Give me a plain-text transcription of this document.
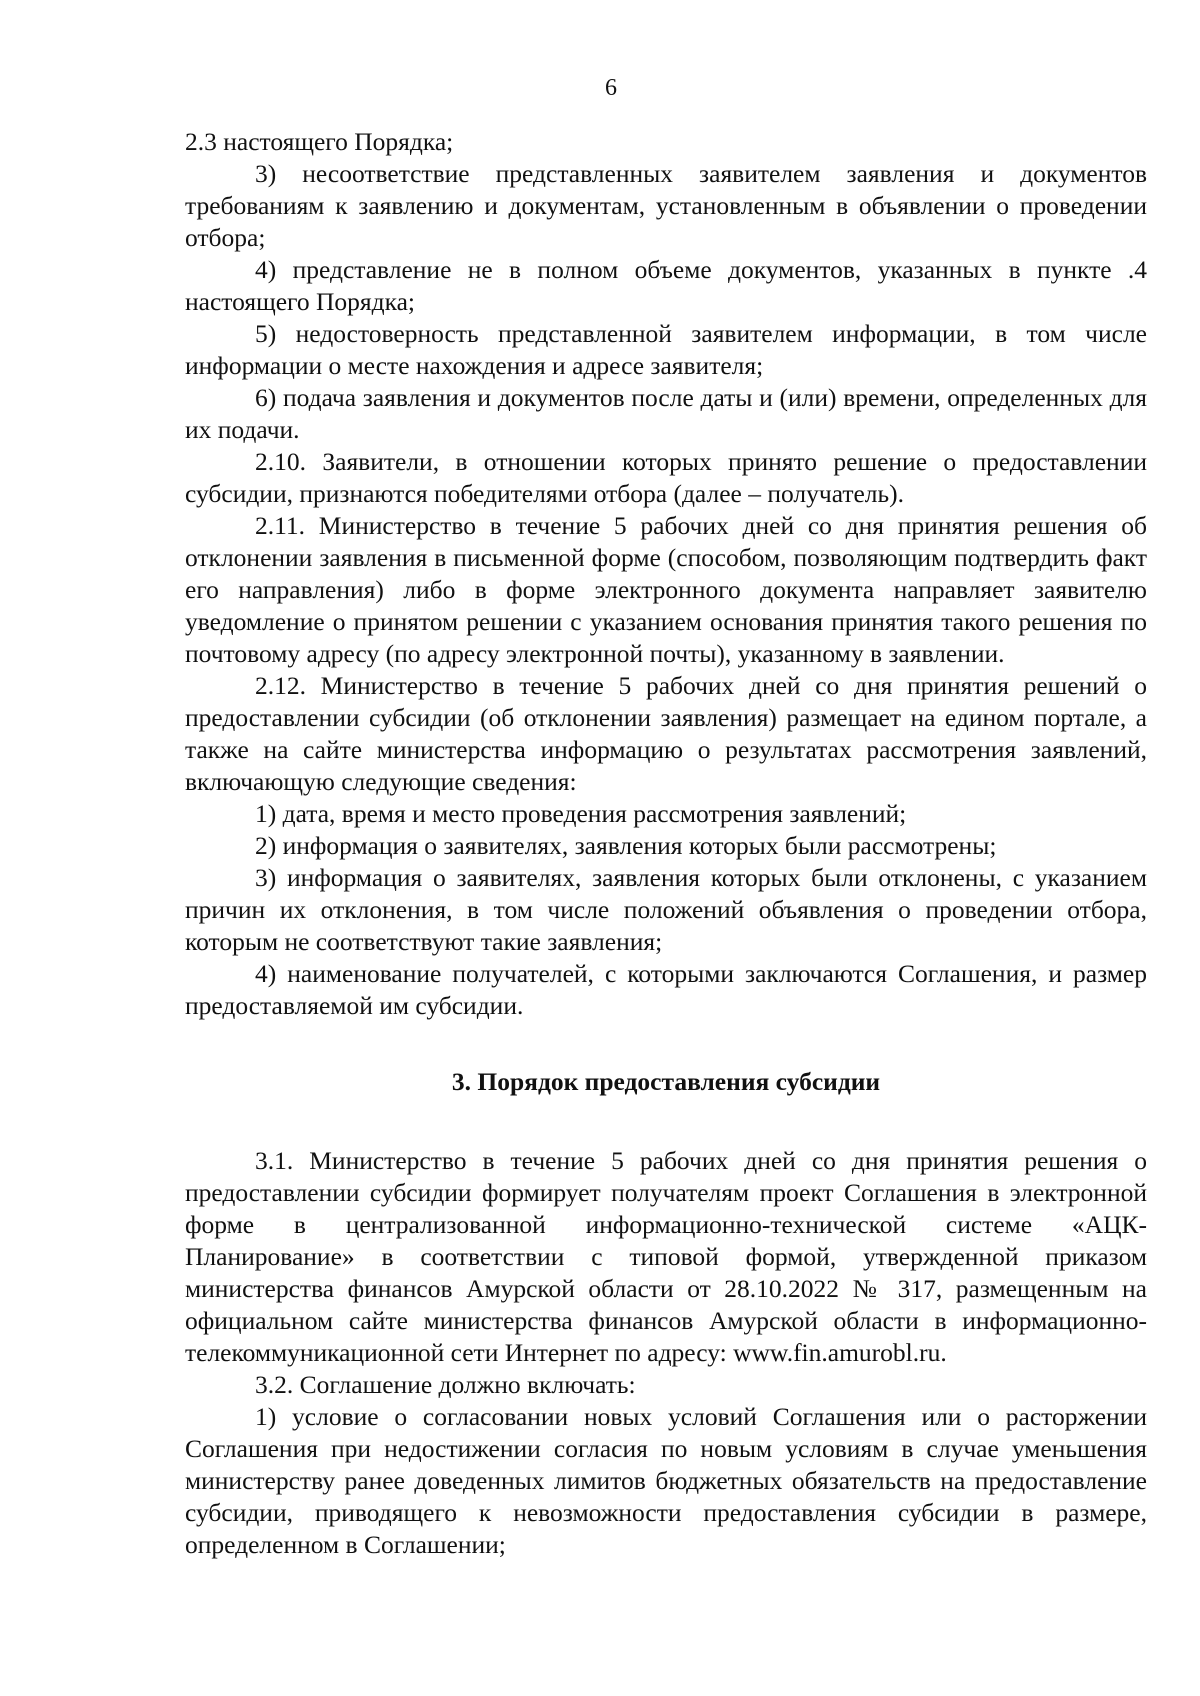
6

2.3 настоящего Порядка;

3) несоответствие представленных заявителем заявления и документов требованиям к заявлению и документам, установленным в объявлении о проведении отбора;

4) представление не в полном объеме документов, указанных в пункте .4 настоящего Порядка;

5) недостоверность представленной заявителем информации, в том числе информации о месте нахождения и адресе заявителя;

6) подача заявления и документов после даты и (или) времени, определенных для их подачи.

2.10. Заявители, в отношении которых принято решение о предоставлении субсидии, признаются победителями отбора (далее – получатель).

2.11. Министерство в течение 5 рабочих дней со дня принятия решения об отклонении заявления в письменной форме (способом, позволяющим подтвердить факт его направления) либо в форме электронного документа направляет заявителю уведомление о принятом решении с указанием основания принятия такого решения по почтовому адресу (по адресу электронной почты), указанному в заявлении.

2.12. Министерство в течение 5 рабочих дней со дня принятия решений о предоставлении субсидии (об отклонении заявления) размещает на едином портале, а также на сайте министерства информацию о результатах рассмотрения заявлений, включающую следующие сведения:

1) дата, время и место проведения рассмотрения заявлений;

2) информация о заявителях, заявления которых были рассмотрены;

3) информация о заявителях, заявления которых были отклонены, с указанием причин их отклонения, в том числе положений объявления о проведении отбора, которым не соответствуют такие заявления;

4) наименование получателей, с которыми заключаются Соглашения, и размер предоставляемой им субсидии.

3. Порядок предоставления субсидии

3.1. Министерство в течение 5 рабочих дней со дня принятия решения о предоставлении субсидии формирует получателям проект Соглашения в электронной форме в централизованной информационно-технической системе «АЦК-Планирование» в соответствии с типовой формой, утвержденной приказом министерства финансов Амурской области от 28.10.2022 № 317, размещенным на официальном сайте министерства финансов Амурской области в информационно-телекоммуникационной сети Интернет по адресу: www.fin.amurobl.ru.

3.2. Соглашение должно включать:

1) условие о согласовании новых условий Соглашения или о расторжении Соглашения при недостижении согласия по новым условиям в случае уменьшения министерству ранее доведенных лимитов бюджетных обязательств на предоставление субсидии, приводящего к невозможности предоставления субсидии в размере, определенном в Соглашении;
